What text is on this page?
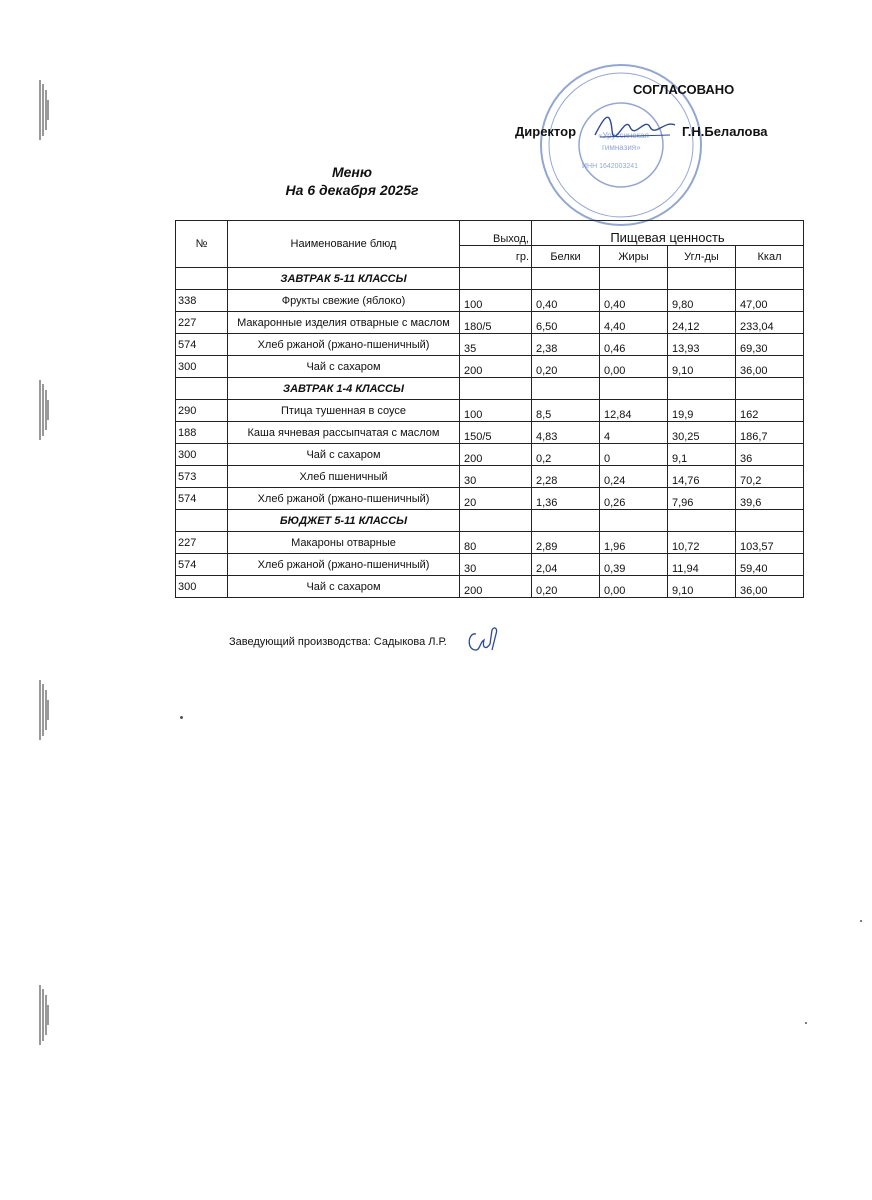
«Уруссинская
гимназия»
ИНН 1642003241
СОГЛАСОВАНО
Директор	Г.Н.Белалова
Меню
На 6 декабря 2025г
№	Наименование блюд	Выход,	Пищевая ценность			
		гр.	Белки	Жиры	Угл-ды	Ккал
	ЗАВТРАК 5-11 КЛАССЫ					
338	Фрукты свежие (яблоко)	100	0,40	0,40	9,80	47,00
227	Макаронные изделия отварные с маслом	180/5	6,50	4,40	24,12	233,04
574	Хлеб ржаной (ржано-пшеничный)	35	2,38	0,46	13,93	69,30
300	Чай с сахаром	200	0,20	0,00	9,10	36,00
	ЗАВТРАК 1-4 КЛАССЫ					
290	Птица тушенная в соусе	100	8,5	12,84	19,9	162
188	Каша ячневая рассыпчатая с маслом	150/5	4,83	4	30,25	186,7
300	Чай с сахаром	200	0,2	0	9,1	36
573	Хлеб пшеничный	30	2,28	0,24	14,76	70,2
574	Хлеб ржаной (ржано-пшеничный)	20	1,36	0,26	7,96	39,6
	БЮДЖЕТ 5-11 КЛАССЫ					
227	Макароны отварные	80	2,89	1,96	10,72	103,57
574	Хлеб ржаной (ржано-пшеничный)	30	2,04	0,39	11,94	59,40
300	Чай с сахаром	200	0,20	0,00	9,10	36,00
Заведующий производства: Садыкова Л.Р.
